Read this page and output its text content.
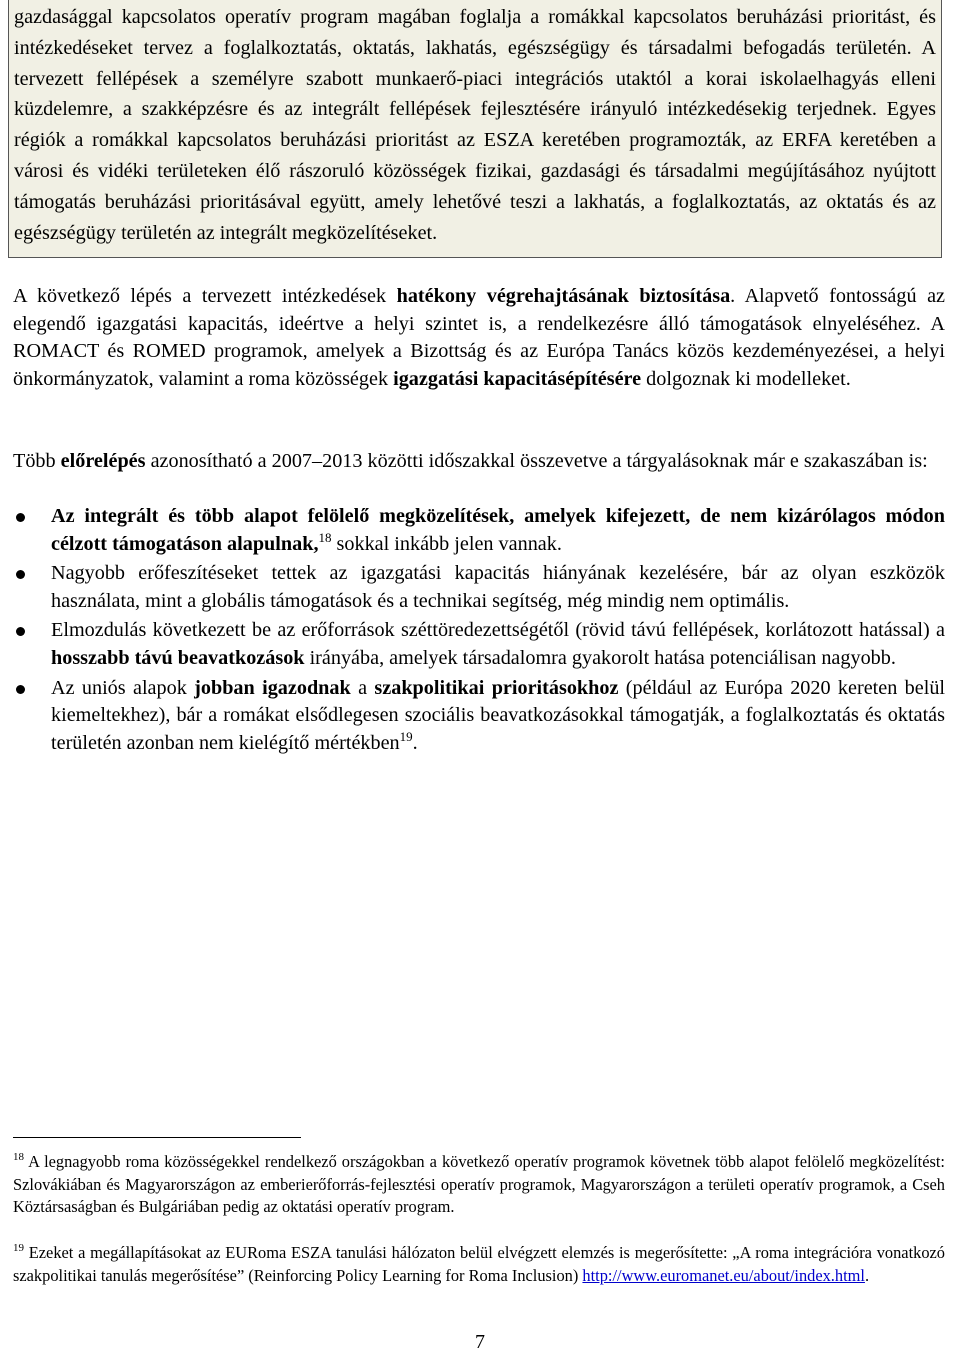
gazdasággal kapcsolatos operatív program magában foglalja a romákkal kapcsolatos beruházási prioritást, és intézkedéseket tervez a foglalkoztatás, oktatás, lakhatás, egészségügy és társadalmi befogadás területén. A tervezett fellépések a személyre szabott munkaerő-piaci integrációs utaktól a korai iskolaelhagyás elleni küzdelemre, a szakképzésre és az integrált fellépések fejlesztésére irányuló intézkedésekig terjednek. Egyes régiók a romákkal kapcsolatos beruházási prioritást az ESZA keretében programozták, az ERFA keretében a városi és vidéki területeken élő rászoruló közösségek fizikai, gazdasági és társadalmi megújításához nyújtott támogatás beruházási prioritásával együtt, amely lehetővé teszi a lakhatás, a foglalkoztatás, az oktatás és az egészségügy területén az integrált megközelítéseket.
A következő lépés a tervezett intézkedések hatékony végrehajtásának biztosítása. Alapvető fontosságú az elegendő igazgatási kapacitás, ideértve a helyi szintet is, a rendelkezésre álló támogatások elnyeléséhez. A ROMACT és ROMED programok, amelyek a Bizottság és az Európa Tanács közös kezdeményezései, a helyi önkormányzatok, valamint a roma közösségek igazgatási kapacitásépítésére dolgoznak ki modelleket.
Több előrelépés azonosítható a 2007–2013 közötti időszakkal összevetve a tárgyalásoknak már e szakaszában is:
Az integrált és több alapot felölelő megközelítések, amelyek kifejezett, de nem kizárólagos módon célzott támogatáson alapulnak,$^{18}$ sokkal inkább jelen vannak.
Nagyobb erőfeszítéseket tettek az igazgatási kapacitás hiányának kezelésére, bár az olyan eszközök használata, mint a globális támogatások és a technikai segítség, még mindig nem optimális.
Elmozdulás következett be az erőforrások széttöredezettségétől (rövid távú fellépések, korlátozott hatással) a hosszabb távú beavatkozások irányába, amelyek társadalomra gyakorolt hatása potenciálisan nagyobb.
Az uniós alapok jobban igazodnak a szakpolitikai prioritásokhoz (például az Európa 2020 kereten belül kiemeltekhez), bár a romákat elsődlegesen szociális beavatkozásokkal támogatják, a foglalkoztatás és oktatás területén azonban nem kielégítő mértékben$^{19}$.
$^{18}$ A legnagyobb roma közösségekkel rendelkező országokban a következő operatív programok követnek több alapot felölelő megközelítést: Szlovákiában és Magyarországon az emberierőforrás-fejlesztési operatív programok, Magyarországon a területi operatív programok, a Cseh Köztársaságban és Bulgáriában pedig az oktatási operatív program.
$^{19}$ Ezeket a megállapításokat az EURoma ESZA tanulási hálózaton belül elvégzett elemzés is megerősítette: „A roma integrációra vonatkozó szakpolitikai tanulás megerősítése” (Reinforcing Policy Learning for Roma Inclusion) http://www.euromanet.eu/about/index.html.
7
